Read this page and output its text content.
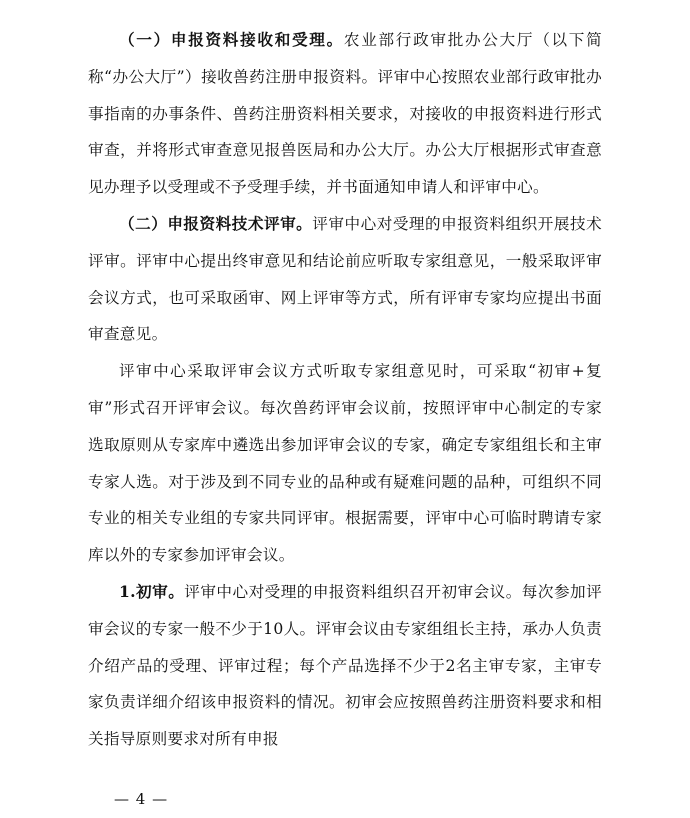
（一）申报资料接收和受理。农业部行政审批办公大厅（以下简称“办公大厅”）接收兽药注册申报资料。评审中心按照农业部行政审批办事指南的办事条件、兽药注册资料相关要求，对接收的申报资料进行形式审查，并将形式审查意见报兽医局和办公大厅。办公大厅根据形式审查意见办理予以受理或不予受理手续，并书面通知申请人和评审中心。

（二）申报资料技术评审。评审中心对受理的申报资料组织开展技术评审。评审中心提出终审意见和结论前应听取专家组意见，一般采取评审会议方式，也可采取函审、网上评审等方式，所有评审专家均应提出书面审查意见。

评审中心采取评审会议方式听取专家组意见时，可采取“初审+复审”形式召开评审会议。每次兽药评审会议前，按照评审中心制定的专家选取原则从专家库中遴选出参加评审会议的专家，确定专家组组长和主审专家人选。对于涉及到不同专业的品种或有疑难问题的品种，可组织不同专业的相关专业组的专家共同评审。根据需要，评审中心可临时聘请专家库以外的专家参加评审会议。

1.初审。评审中心对受理的申报资料组织召开初审会议。每次参加评审会议的专家一般不少于10人。评审会议由专家组组长主持，承办人负责介绍产品的受理、评审过程；每个产品选择不少于2名主审专家，主审专家负责详细介绍该申报资料的情况。初审会应按照兽药注册资料要求和相关指导原则要求对所有申报

— 4 —
